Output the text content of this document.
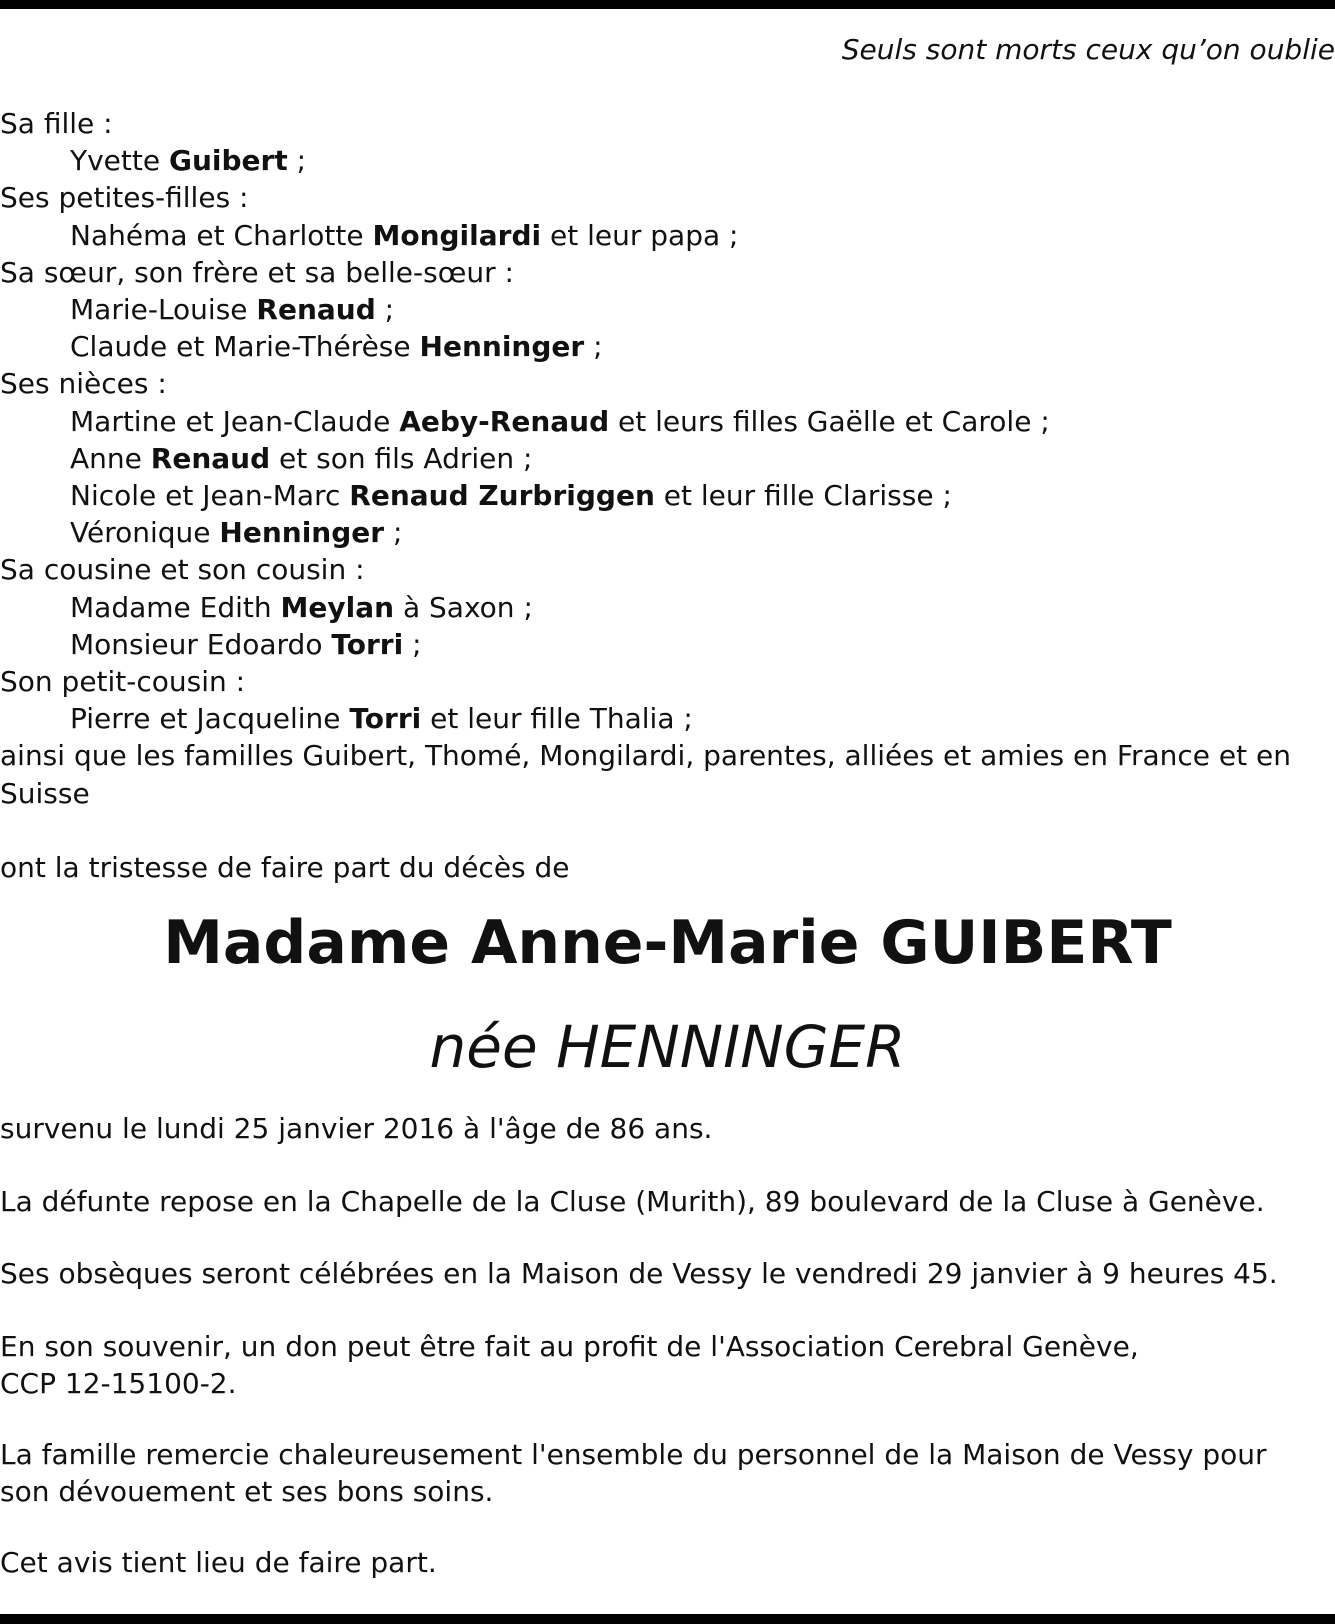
Seuls sont morts ceux qu’on oublie
Sa fille :
Yvette Guibert ;
Ses petites-filles :
Nahéma et Charlotte Mongilardi et leur papa ;
Sa sœur, son frère et sa belle-sœur :
Marie-Louise Renaud ;
Claude et Marie-Thérèse Henninger ;
Ses nièces :
Martine et Jean-Claude Aeby-Renaud et leurs filles Gaëlle et Carole ;
Anne Renaud et son fils Adrien ;
Nicole et Jean-Marc Renaud Zurbriggen et leur fille Clarisse ;
Véronique Henninger ;
Sa cousine et son cousin :
Madame Edith Meylan à Saxon ;
Monsieur Edoardo Torri ;
Son petit-cousin :
Pierre et Jacqueline Torri et leur fille Thalia ;
ainsi que les familles Guibert, Thomé, Mongilardi, parentes, alliées et amies en France et en Suisse
ont la tristesse de faire part du décès de
Madame Anne-Marie GUIBERT
née HENNINGER
survenu le lundi 25 janvier 2016 à l'âge de 86 ans.
La défunte repose en la Chapelle de la Cluse (Murith), 89 boulevard de la Cluse à Genève.
Ses obsèques seront célébrées en la Maison de Vessy le vendredi 29 janvier à 9 heures 45.
En son souvenir, un don peut être fait au profit de l'Association Cerebral Genève,
CCP 12-15100-2.
La famille remercie chaleureusement l'ensemble du personnel de la Maison de Vessy pour
son dévouement et ses bons soins.
Cet avis tient lieu de faire part.
